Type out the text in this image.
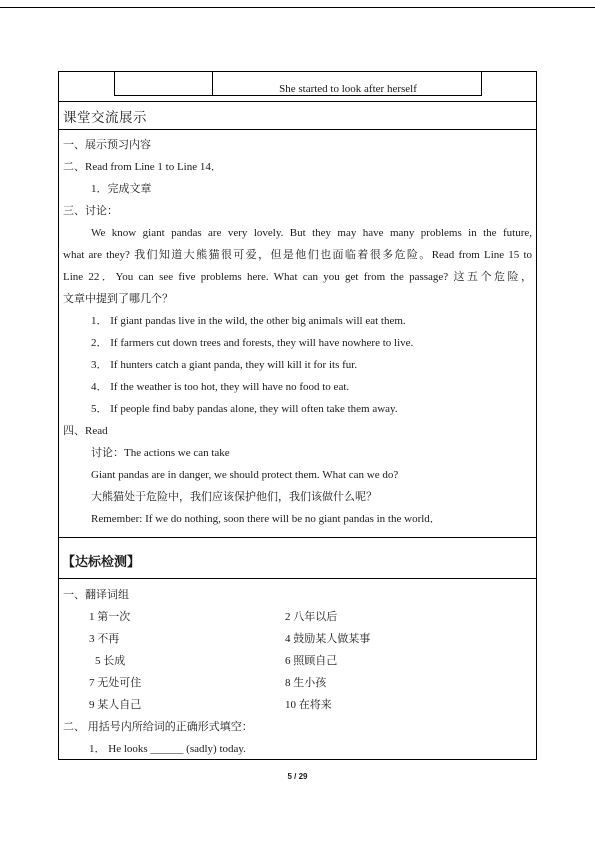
She started to look after herself
课堂交流展示
一、展示预习内容
二、Read from Line 1 to Line 14．
1．完成文章
三、讨论：
We know giant pandas are very lovely. But they may have many problems in the future,
what are they? 我们知道大熊猫很可爱，但是他们也面临着很多危险。Read from Line 15 to
Line 22．You can see five problems here. What can you get from the passage? 这五个危险，
文章中提到了哪几个？
1． If giant pandas live in the wild, the other big animals will eat them.
2． If farmers cut down trees and forests, they will have nowhere to live.
3． If hunters catch a giant panda, they will kill it for its fur.
4． If the weather is too hot, they will have no food to eat.
5． If people find baby pandas alone, they will often take them away.
四、Read
讨论：The actions we can take
Giant pandas are in danger, we should protect them. What can we do?
大熊猫处于危险中，我们应该保护他们，我们该做什么呢？
Remember: If we do nothing, soon there will be no giant pandas in the world．
【达标检测】
一、翻译词组
1 第一次	2 八年以后
3 不再	4 鼓励某人做某事
5 长成	6 照顾自己
7 无处可住	8 生小孩
9 某人自己	10 在将来
二、 用括号内所给词的正确形式填空：
1． He looks ______ (sadly) today.
5 / 29
